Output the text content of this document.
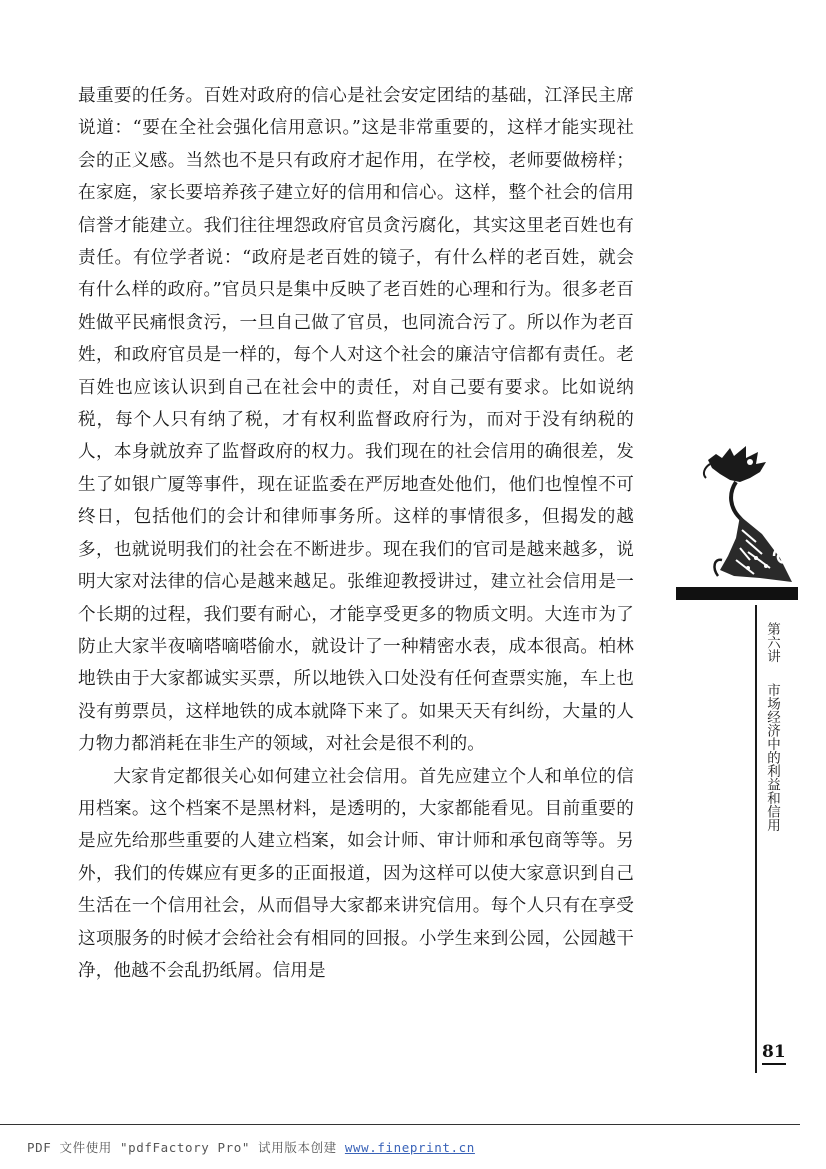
最重要的任务。百姓对政府的信心是社会安定团结的基础，江泽民主席说道：“要在全社会强化信用意识。”这是非常重要的，这样才能实现社会的正义感。当然也不是只有政府才起作用，在学校，老师要做榜样；在家庭，家长要培养孩子建立好的信用和信心。这样，整个社会的信用信誉才能建立。我们往往埋怨政府官员贪污腐化，其实这里老百姓也有责任。有位学者说：“政府是老百姓的镜子，有什么样的老百姓，就会有什么样的政府。”官员只是集中反映了老百姓的心理和行为。很多老百姓做平民痛恨贪污，一旦自己做了官员，也同流合污了。所以作为老百姓，和政府官员是一样的，每个人对这个社会的廉洁守信都有责任。老百姓也应该认识到自己在社会中的责任，对自己要有要求。比如说纳税，每个人只有纳了税，才有权利监督政府行为，而对于没有纳税的人，本身就放弃了监督政府的权力。我们现在的社会信用的确很差，发生了如银广厦等事件，现在证监委在严厉地查处他们，他们也惶惶不可终日，包括他们的会计和律师事务所。这样的事情很多，但揭发的越多，也就说明我们的社会在不断进步。现在我们的官司是越来越多，说明大家对法律的信心是越来越足。张维迎教授讲过，建立社会信用是一个长期的过程，我们要有耐心，才能享受更多的物质文明。大连市为了防止大家半夜嘀嗒嘀嗒偷水，就设计了一种精密水表，成本很高。柏林地铁由于大家都诚实买票，所以地铁入口处没有任何查票实施，车上也没有剪票员，这样地铁的成本就降下来了。如果天天有纠纷，大量的人力物力都消耗在非生产的领域，对社会是很不利的。

大家肯定都很关心如何建立社会信用。首先应建立个人和单位的信用档案。这个档案不是黑材料，是透明的，大家都能看见。目前重要的是应先给那些重要的人建立档案，如会计师、审计师和承包商等等。另外，我们的传媒应有更多的正面报道，因为这样可以使大家意识到自己生活在一个信用社会，从而倡导大家都来讲究信用。每个人只有在享受这项服务的时候才会给社会有相同的回报。小学生来到公园，公园越干净，他越不会乱扔纸屑。信用是

第六讲
市场经济中的利益和信用
81
PDF 文件使用 "pdfFactory Pro" 试用版本创建 www.fineprint.cn
